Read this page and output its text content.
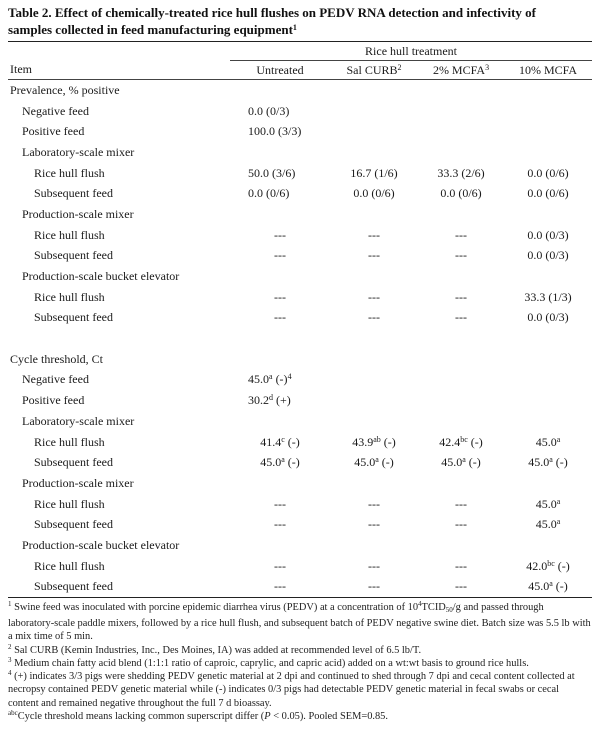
Table 2. Effect of chemically-treated rice hull flushes on PEDV RNA detection and infectivity of
samples collected in feed manufacturing equipment$^1$
	Rice hull treatment			
Item	Untreated	Sal CURB$^2$	2% MCFA$^3$	10% MCFA

Prevalence, % positive				
Negative feed	0.0 (0/3)			
Positive feed	100.0 (3/3)			
Laboratory-scale mixer				
Rice hull flush	50.0 (3/6)	16.7 (1/6)	33.3 (2/6)	0.0 (0/6)
Subsequent feed	0.0 (0/6)	0.0 (0/6)	0.0 (0/6)	0.0 (0/6)
Production-scale mixer				
Rice hull flush	---	---	---	0.0 (0/3)
Subsequent feed	---	---	---	0.0 (0/3)
Production-scale bucket elevator				
Rice hull flush	---	---	---	33.3 (1/3)
Subsequent feed	---	---	---	0.0 (0/3)

Cycle threshold, Ct				
Negative feed	45.0$^a$ $(-)^4$			
Positive feed	30.2$^d$ (+)			
Laboratory-scale mixer				
Rice hull flush	41.4$^c$ (-)	43.9$^{ab}$ (-)	42.4$^{bc}$ (-)	45.0$^a$
Subsequent feed	45.0$^a$ (-)	45.0$^a$ (-)	45.0$^a$ (-)	45.0$^a$ (-)
Production-scale mixer				
Rice hull flush	---	---	---	45.0$^a$
Subsequent feed	---	---	---	45.0$^a$
Production-scale bucket elevator				
Rice hull flush	---	---	---	42.0$^{bc}$ (-)
Subsequent feed	---	---	---	45.0$^a$ (-)
$^1$ Swine feed was inoculated with porcine epidemic diarrhea virus (PEDV) at a concentration of $10^4TCID_{50}/g$ and passed through laboratory-scale paddle mixers, followed by a rice hull flush, and subsequent batch of PEDV negative swine diet. Batch size was 5.5 lb with a mix time of 5 min.
$^2$ Sal CURB (Kemin Industries, Inc., Des Moines, IA) was added at recommended level of 6.5 lb/T.
$^3$ Medium chain fatty acid blend (1:1:1 ratio of caproic, caprylic, and capric acid) added on a wt:wt basis to ground rice hulls.
$^4$ (+) indicates 3/3 pigs were shedding PEDV genetic material at 2 dpi and continued to shed through 7 dpi and cecal content collected at necropsy contained PEDV genetic material while (-) indicates 0/3 pigs had detectable PEDV genetic material in fecal swabs or cecal content and remained negative throughout the full 7 d bioassay.
$^{abc}$Cycle threshold means lacking common superscript differ (P < 0.05). Pooled SEM=0.85.
